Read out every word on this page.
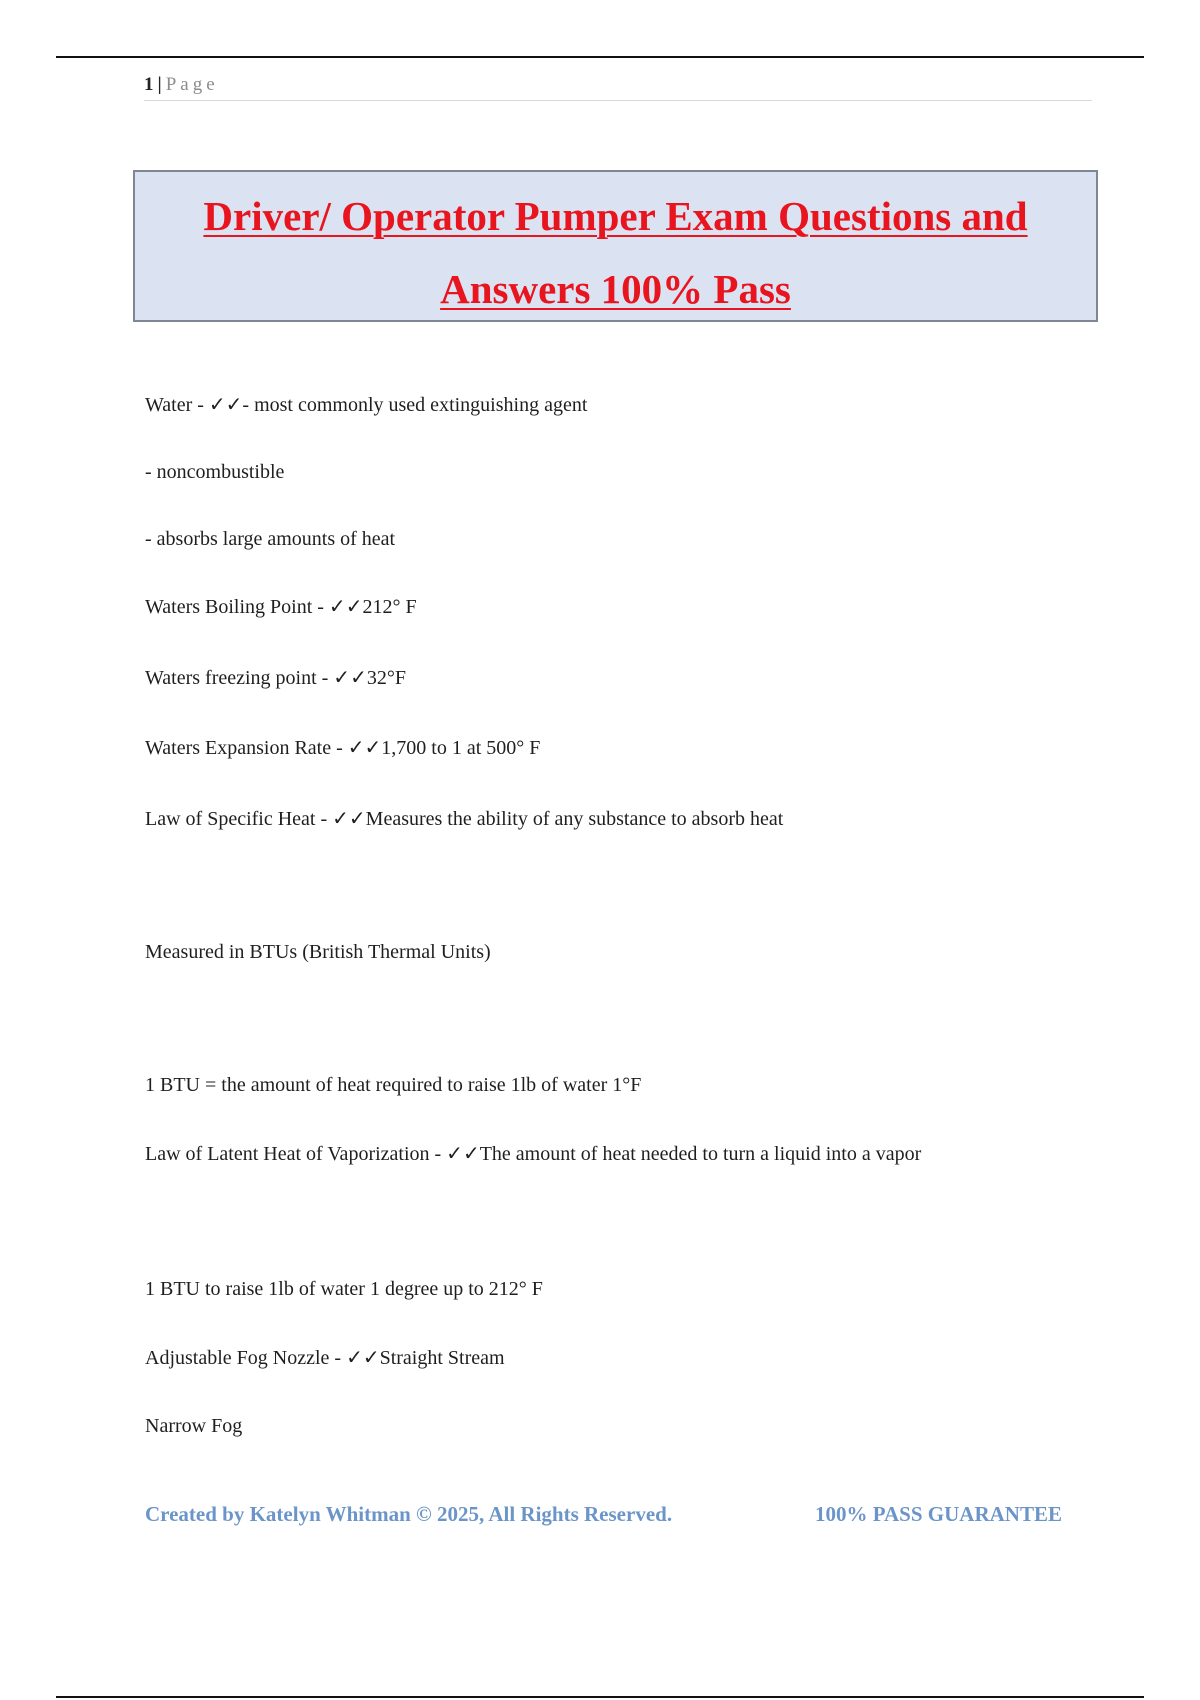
1 | Page
Driver/ Operator Pumper Exam Questions and
Answers 100% Pass
Water - ✓✓- most commonly used extinguishing agent
- noncombustible
- absorbs large amounts of heat
Waters Boiling Point - ✓✓212° F
Waters freezing point - ✓✓32°F
Waters Expansion Rate - ✓✓1,700 to 1 at 500° F
Law of Specific Heat - ✓✓Measures the ability of any substance to absorb heat
Measured in BTUs (British Thermal Units)
1 BTU = the amount of heat required to raise 1lb of water 1°F
Law of Latent Heat of Vaporization - ✓✓The amount of heat needed to turn a liquid into a vapor
1 BTU to raise 1lb of water 1 degree up to 212° F
Adjustable Fog Nozzle - ✓✓Straight Stream
Narrow Fog
Created by Katelyn Whitman © 2025, All Rights Reserved.	100% PASS GUARANTEE
